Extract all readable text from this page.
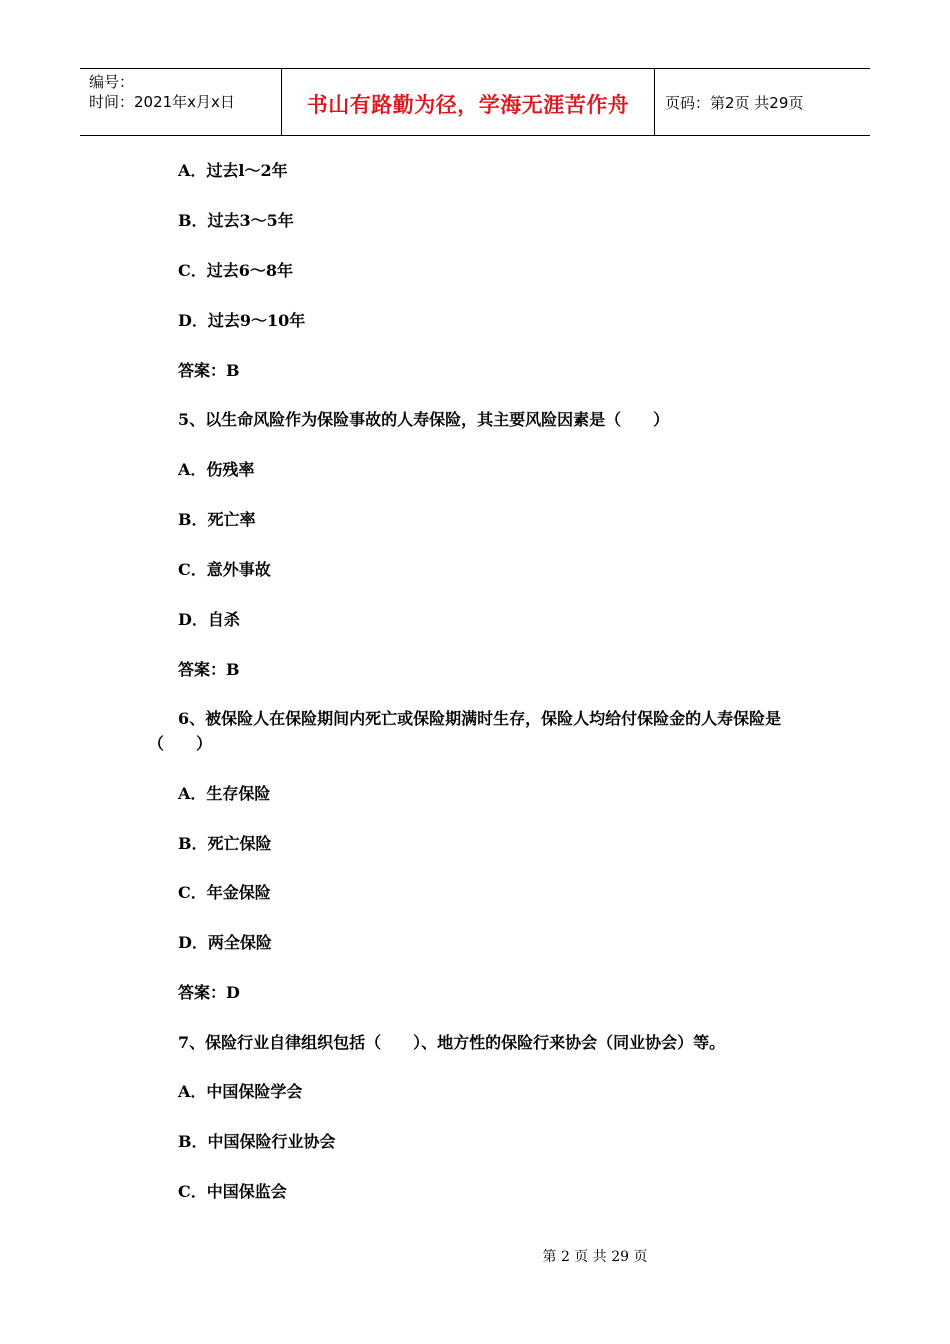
编号：
时间：2021年x月x日	书山有路勤为径，学海无涯苦作舟 页码：第2页 共29页
A．过去l～2年
B．过去3～5年
C．过去6～8年
D．过去9～10年
答案：B
5、以生命风险作为保险事故的人寿保险，其主要风险因素是（　　）
A．伤残率
B．死亡率
C．意外事故
D．自杀
答案：B
6、被保险人在保险期间内死亡或保险期满时生存，保险人均给付保险金的人寿保险是
（　　）
A．生存保险
B．死亡保险
C．年金保险
D．两全保险
答案：D
7、保险行业自律组织包括（　　）、地方性的保险行来协会（同业协会）等。
A．中国保险学会
B．中国保险行业协会
C．中国保监会
第 2 页 共 29 页
